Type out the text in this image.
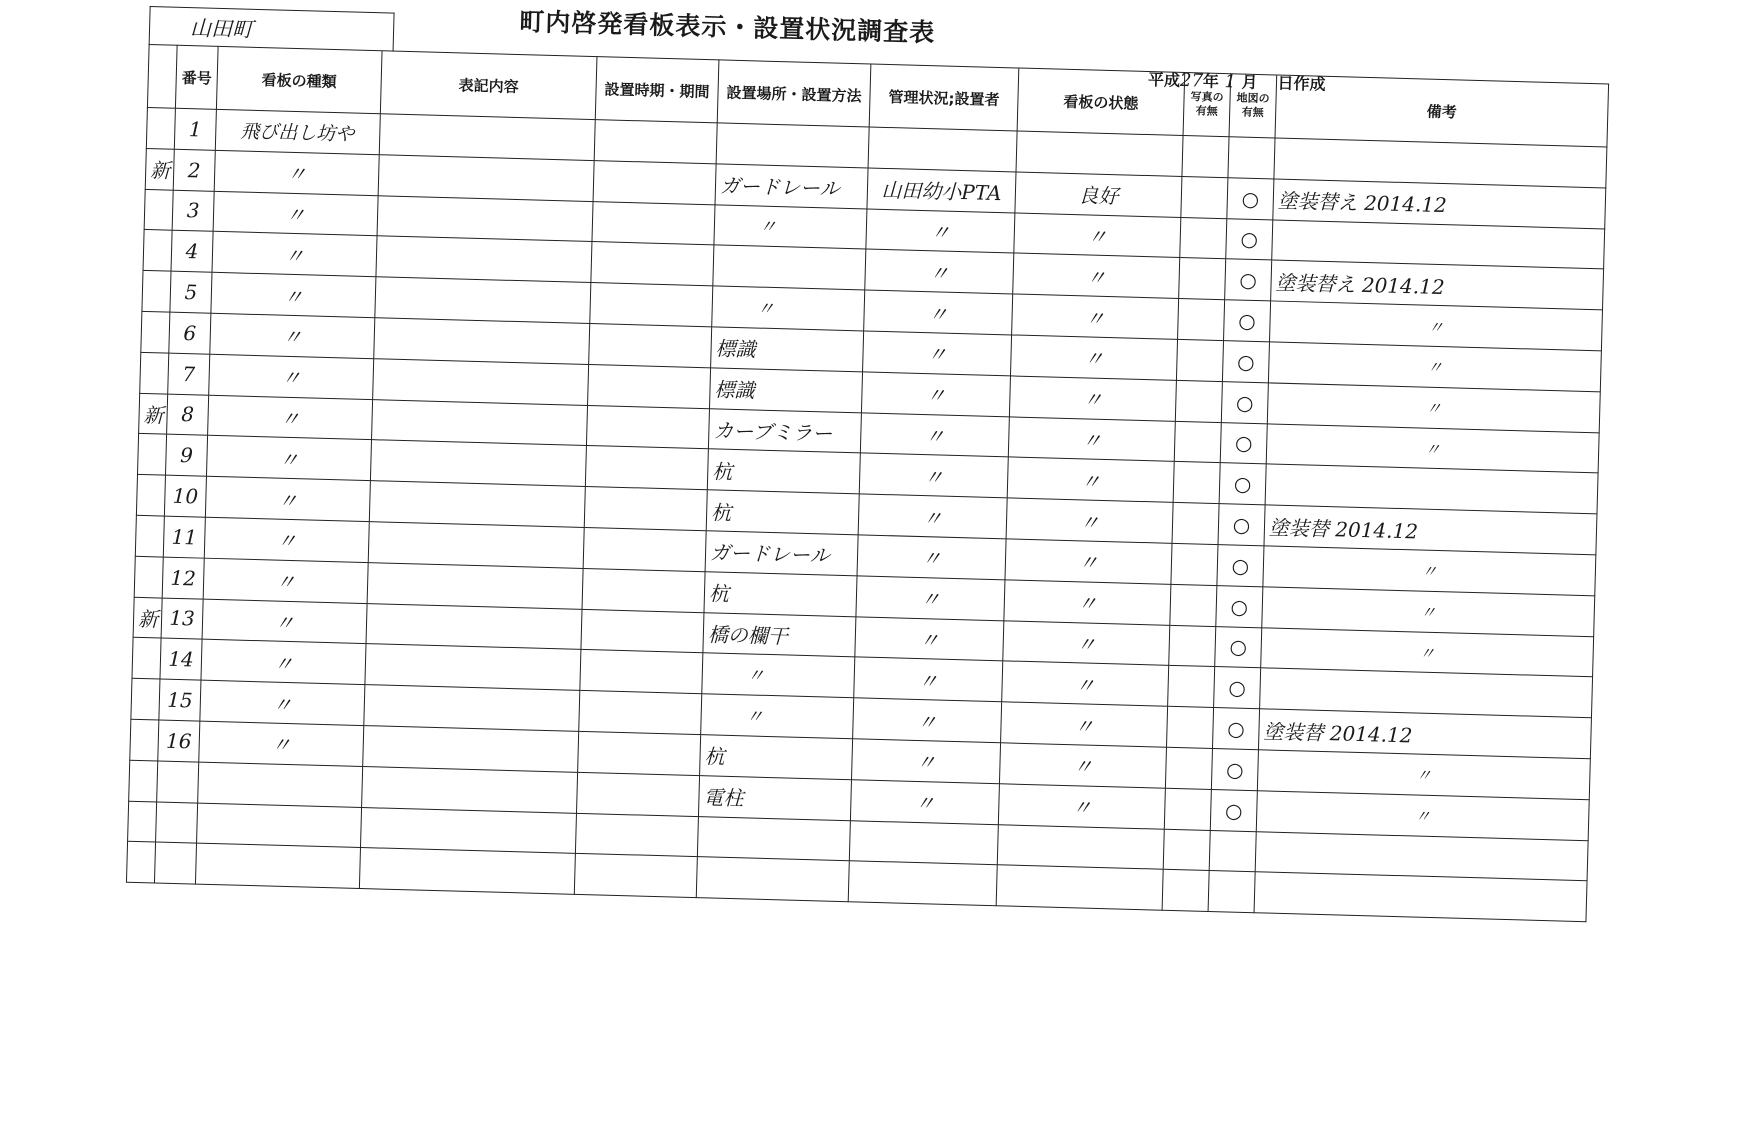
町内啓発看板表示・設置状況調査表
山田町
平成27年 1 月 日作成
	番号	看板の種類	表記内容	設置時期・期間	設置場所・設置方法	管理状況;設置者	看板の状態	写真の有無	地図の有無	備考
	1	飛び出し坊や								
新	2	〃			ガードレール	山田幼小PTA	良好		○	塗装替え 2014.12
	3	〃			〃	〃	〃		○	
	4	〃				〃	〃		○	塗装替え 2014.12
	5	〃			〃	〃	〃		○	〃
	6	〃			標識	〃	〃		○	〃
	7	〃			標識	〃	〃		○	〃
新	8	〃			カーブミラー	〃	〃		○	〃
	9	〃			杭	〃	〃		○	
	10	〃			杭	〃	〃		○	塗装替 2014.12
	11	〃			ガードレール	〃	〃		○	〃
	12	〃			杭	〃	〃		○	〃
新	13	〃			橋の欄干	〃	〃		○	〃
	14	〃			〃	〃	〃		○	
	15	〃			〃	〃	〃		○	塗装替 2014.12
	16	〃			杭	〃	〃		○	〃
					電柱	〃	〃		○	〃
